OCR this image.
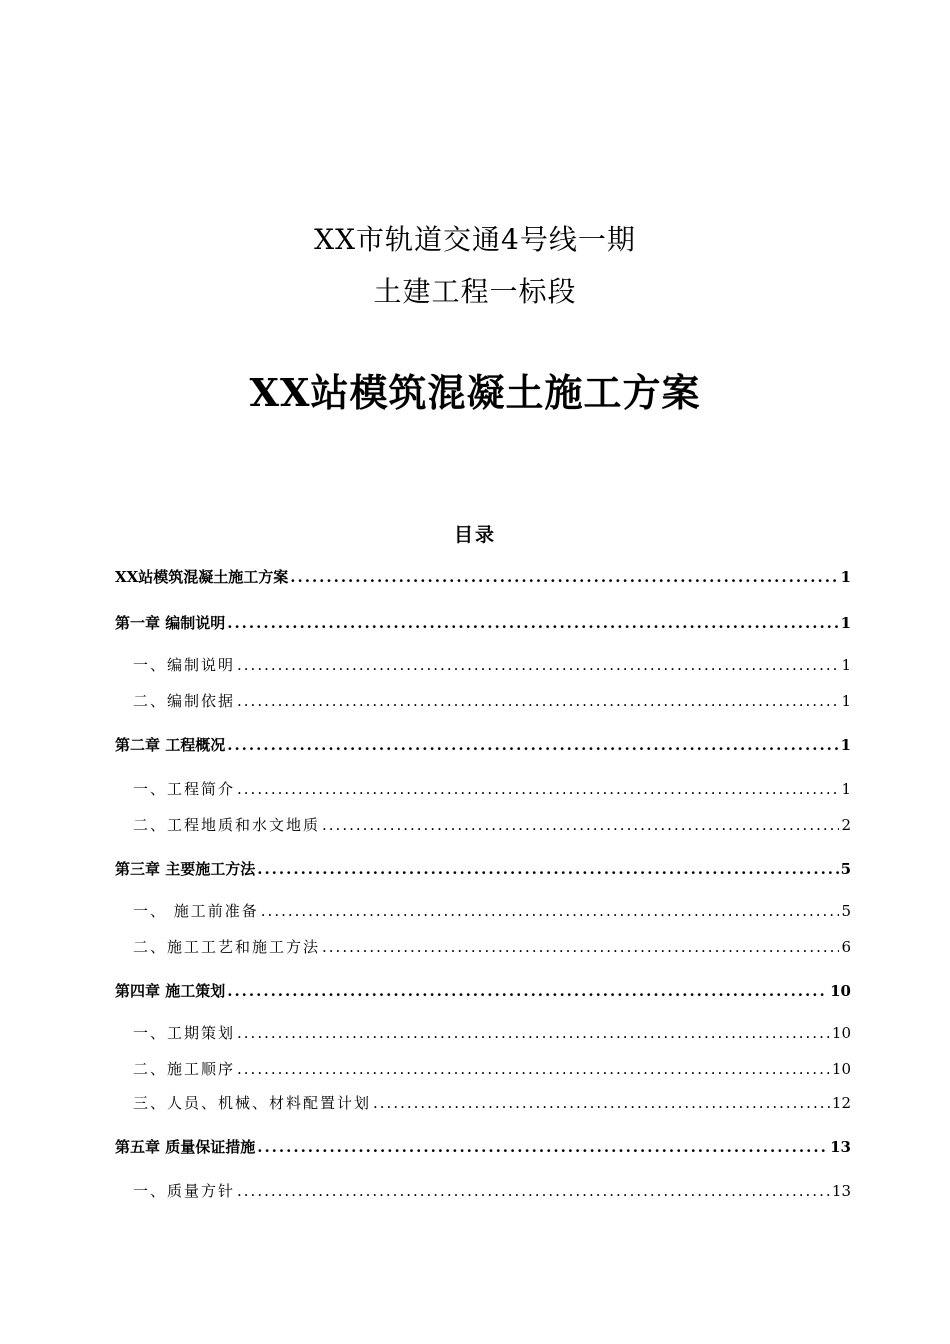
XX市轨道交通4号线一期
土建工程一标段
XX站模筑混凝土施工方案
目录
XX站模筑混凝土施工方案 .....	1
第一章 编制说明 .....	1
一、编制说明 .....	1
二、编制依据 .....	1
第二章 工程概况 .....	1
一、工程简介 .....	1
二、工程地质和水文地质 .....	2
第三章 主要施工方法 .....	5
一、 施工前准备 .....	5
二、施工工艺和施工方法 .....	6
第四章 施工策划 .....	10
一、工期策划 .....	10
二、施工顺序 .....	10
三、人员、机械、材料配置计划 .....	12
第五章 质量保证措施 .....	13
一、质量方针 .....	13
